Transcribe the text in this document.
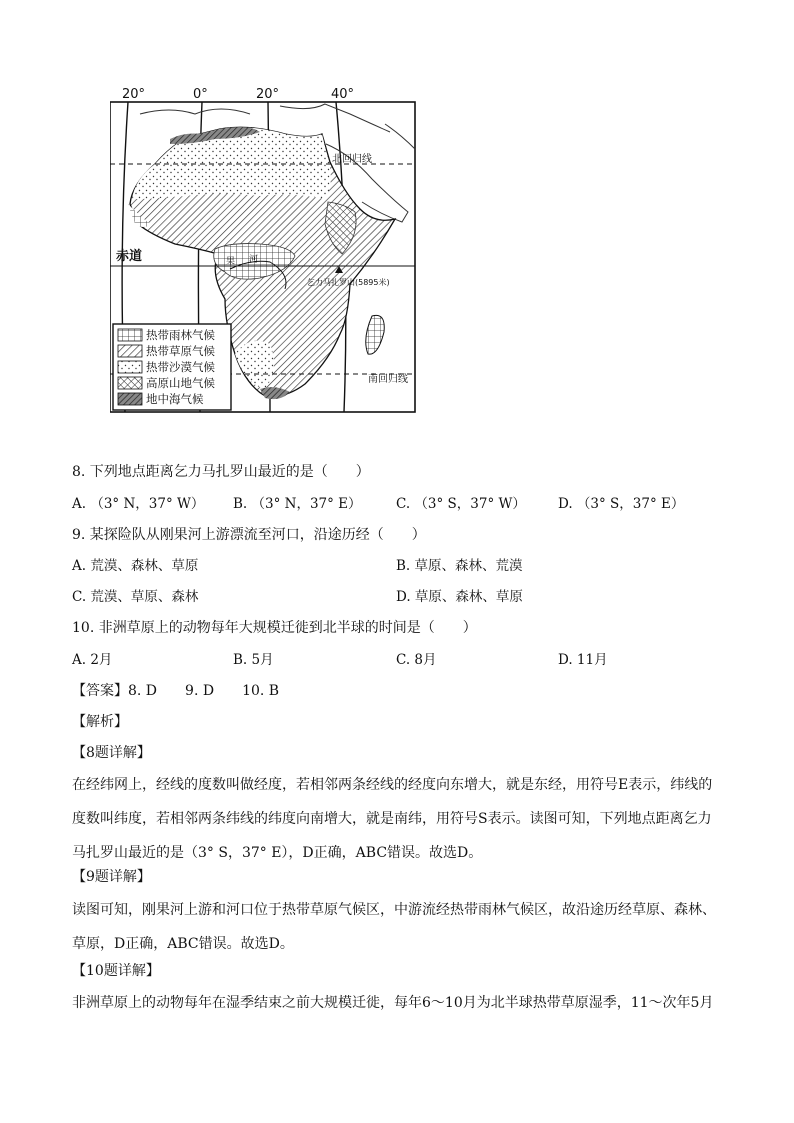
20°	0°	20°	40°
北回归线
赤道
南回归线
果 河
乞力马扎罗山(5895米)
热带雨林气候
热带草原气候
热带沙漠气候
高原山地气候
地中海气候
8. 下列地点距离乞力马扎罗山最近的是（　　）
A. （3° N，37° W） B. （3° N，37° E）	C. （3° S，37° W） D. （3° S，37° E）
9. 某探险队从刚果河上游漂流至河口，沿途历经（　　）
A. 荒漠、森林、草原	B. 草原、森林、荒漠
C. 荒漠、草原、森林	D. 草原、森林、草原
10. 非洲草原上的动物每年大规模迁徙到北半球的时间是（　　）
A. 2月	B. 5月	C. 8月	D. 11月
【答案】8. D　　9. D　　10. B
【解析】
【8题详解】
在经纬网上，经线的度数叫做经度，若相邻两条经线的经度向东增大，就是东经，用符号E表示，纬线的
度数叫纬度，若相邻两条纬线的纬度向南增大，就是南纬，用符号S表示。读图可知，下列地点距离乞力
马扎罗山最近的是（3° S，37° E），D正确，ABC错误。故选D。
【9题详解】
读图可知，刚果河上游和河口位于热带草原气候区，中游流经热带雨林气候区，故沿途历经草原、森林、
草原，D正确，ABC错误。故选D。
【10题详解】
非洲草原上的动物每年在湿季结束之前大规模迁徙，每年6～10月为北半球热带草原湿季，11～次年5月
